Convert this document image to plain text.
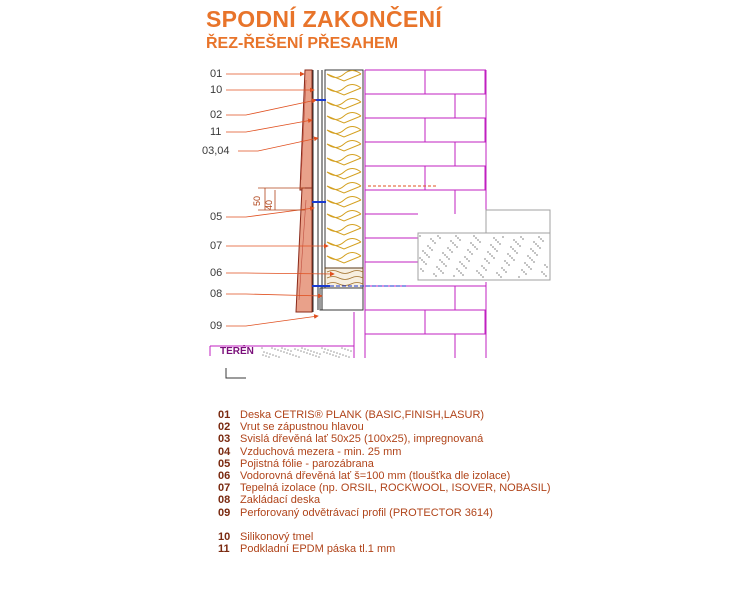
SPODNÍ ZAKONČENÍ
ŘEZ-ŘEŠENÍ PŘESAHEM
01
10
02
11
03,04
05
07
06
08
09
50 40
TERÉN
01 Deska CETRIS® PLANK (BASIC,FINISH,LASUR)
02 Vrut se zápustnou hlavou
03 Svislá dřevěná lať 50x25 (100x25), impregnovaná
04 Vzduchová mezera - min. 25 mm
05 Pojistná fólie - parozábrana
06 Vodorovná dřevěná lať š=100 mm (tloušťka dle izolace)
07 Tepelná izolace (np. ORSIL, ROCKWOOL, ISOVER, NOBASIL)
08 Zakládací deska
09 Perforovaný odvětrávací profil (PROTECTOR 3614)
10 Silikonový tmel
11 Podkladní EPDM páska tl.1 mm
